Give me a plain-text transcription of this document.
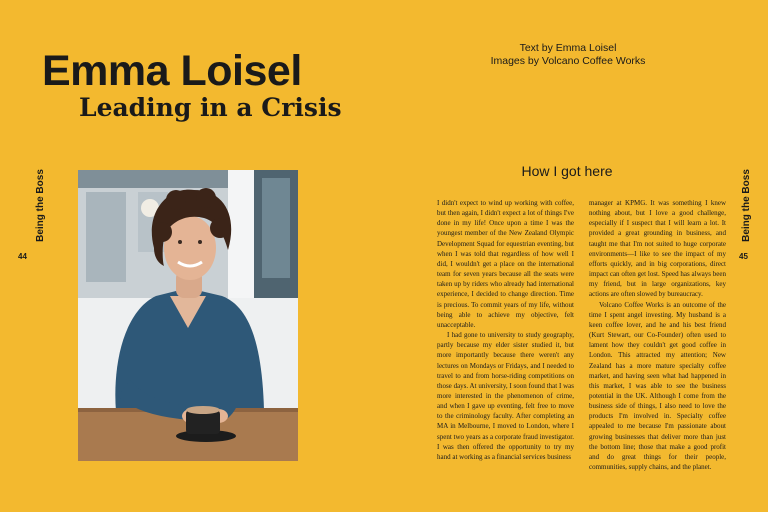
Emma Loisel
Leading in a Crisis
Being the Boss
44
Text by Emma Loisel
Images by Volcano Coffee Works
How I got here	Being the Boss
45

I didn't expect to wind up working with coffee, but then again, I didn't expect a lot of things I've done in my life! Once upon a time I was the youngest member of the New Zealand Olympic Development Squad for equestrian eventing, but when I was told that regardless of how well I did, I wouldn't get a place on the international team for seven years because all the seats were taken up by riders who already had international experience, I decided to change direction. Time is precious. To commit years of my life, without being able to achieve my objective, felt unacceptable.

I had gone to university to study geography, partly because my elder sister studied it, but more importantly because there weren't any lectures on Mondays or Fridays, and I needed to travel to and from horse-riding competitions on those days. At university, I soon found that I was more interested in the phenomenon of crime, and when I gave up eventing, felt free to move to the criminology faculty. After completing an MA in Melbourne, I moved to London, where I spent two years as a corporate fraud investigator. I was then offered the opportunity to try my hand at working as a financial services business

manager at KPMG. It was something I knew nothing about, but I love a good challenge, especially if I suspect that I will learn a lot. It provided a great grounding in business, and taught me that I'm not suited to huge corporate environments—I like to see the impact of my efforts quickly, and in big corporations, direct impact can often get lost. Speed has always been my friend, but in large organizations, key actions are often slowed by bureaucracy.

Volcano Coffee Works is an outcome of the time I spent angel investing. My husband is a keen coffee lover, and he and his best friend (Kurt Stewart, our Co-Founder) often used to lament how they couldn't get good coffee in London. This attracted my attention; New Zealand has a more mature specialty coffee market, and having seen what had happened in this market, I was able to see the business potential in the UK. Although I come from the business side of things, I also need to love the products I'm involved in. Specialty coffee appealed to me because I'm passionate about growing businesses that deliver more than just the bottom line; those that make a good profit and do great things for their people, communities, supply chains, and the planet.
